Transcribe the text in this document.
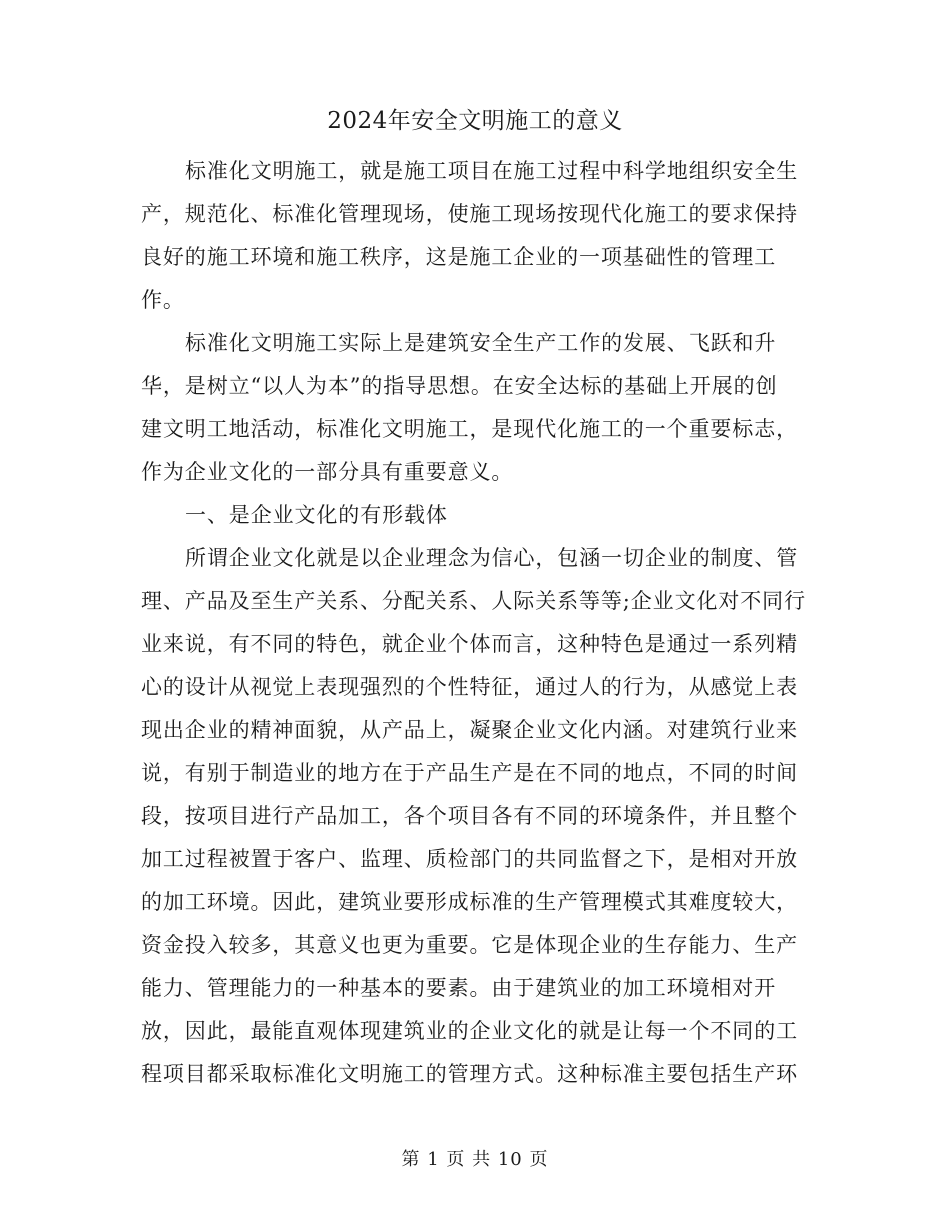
2024年安全文明施工的意义
标准化文明施工，就是施工项目在施工过程中科学地组织安全生
产，规范化、标准化管理现场，使施工现场按现代化施工的要求保持
良好的施工环境和施工秩序，这是施工企业的一项基础性的管理工
作。
标准化文明施工实际上是建筑安全生产工作的发展、飞跃和升
华，是树立“以人为本”的指导思想。在安全达标的基础上开展的创
建文明工地活动，标准化文明施工，是现代化施工的一个重要标志，
作为企业文化的一部分具有重要意义。
一、是企业文化的有形载体
所谓企业文化就是以企业理念为信心，包涵一切企业的制度、管
理、产品及至生产关系、分配关系、人际关系等等;企业文化对不同行
业来说，有不同的特色，就企业个体而言，这种特色是通过一系列精
心的设计从视觉上表现强烈的个性特征，通过人的行为，从感觉上表
现出企业的精神面貌，从产品上，凝聚企业文化内涵。对建筑行业来
说，有别于制造业的地方在于产品生产是在不同的地点，不同的时间
段，按项目进行产品加工，各个项目各有不同的环境条件，并且整个
加工过程被置于客户、监理、质检部门的共同监督之下，是相对开放
的加工环境。因此，建筑业要形成标准的生产管理模式其难度较大，
资金投入较多，其意义也更为重要。它是体现企业的生存能力、生产
能力、管理能力的一种基本的要素。由于建筑业的加工环境相对开
放，因此，最能直观体现建筑业的企业文化的就是让每一个不同的工
程项目都采取标准化文明施工的管理方式。这种标准主要包括生产环
第 1 页 共 10 页
